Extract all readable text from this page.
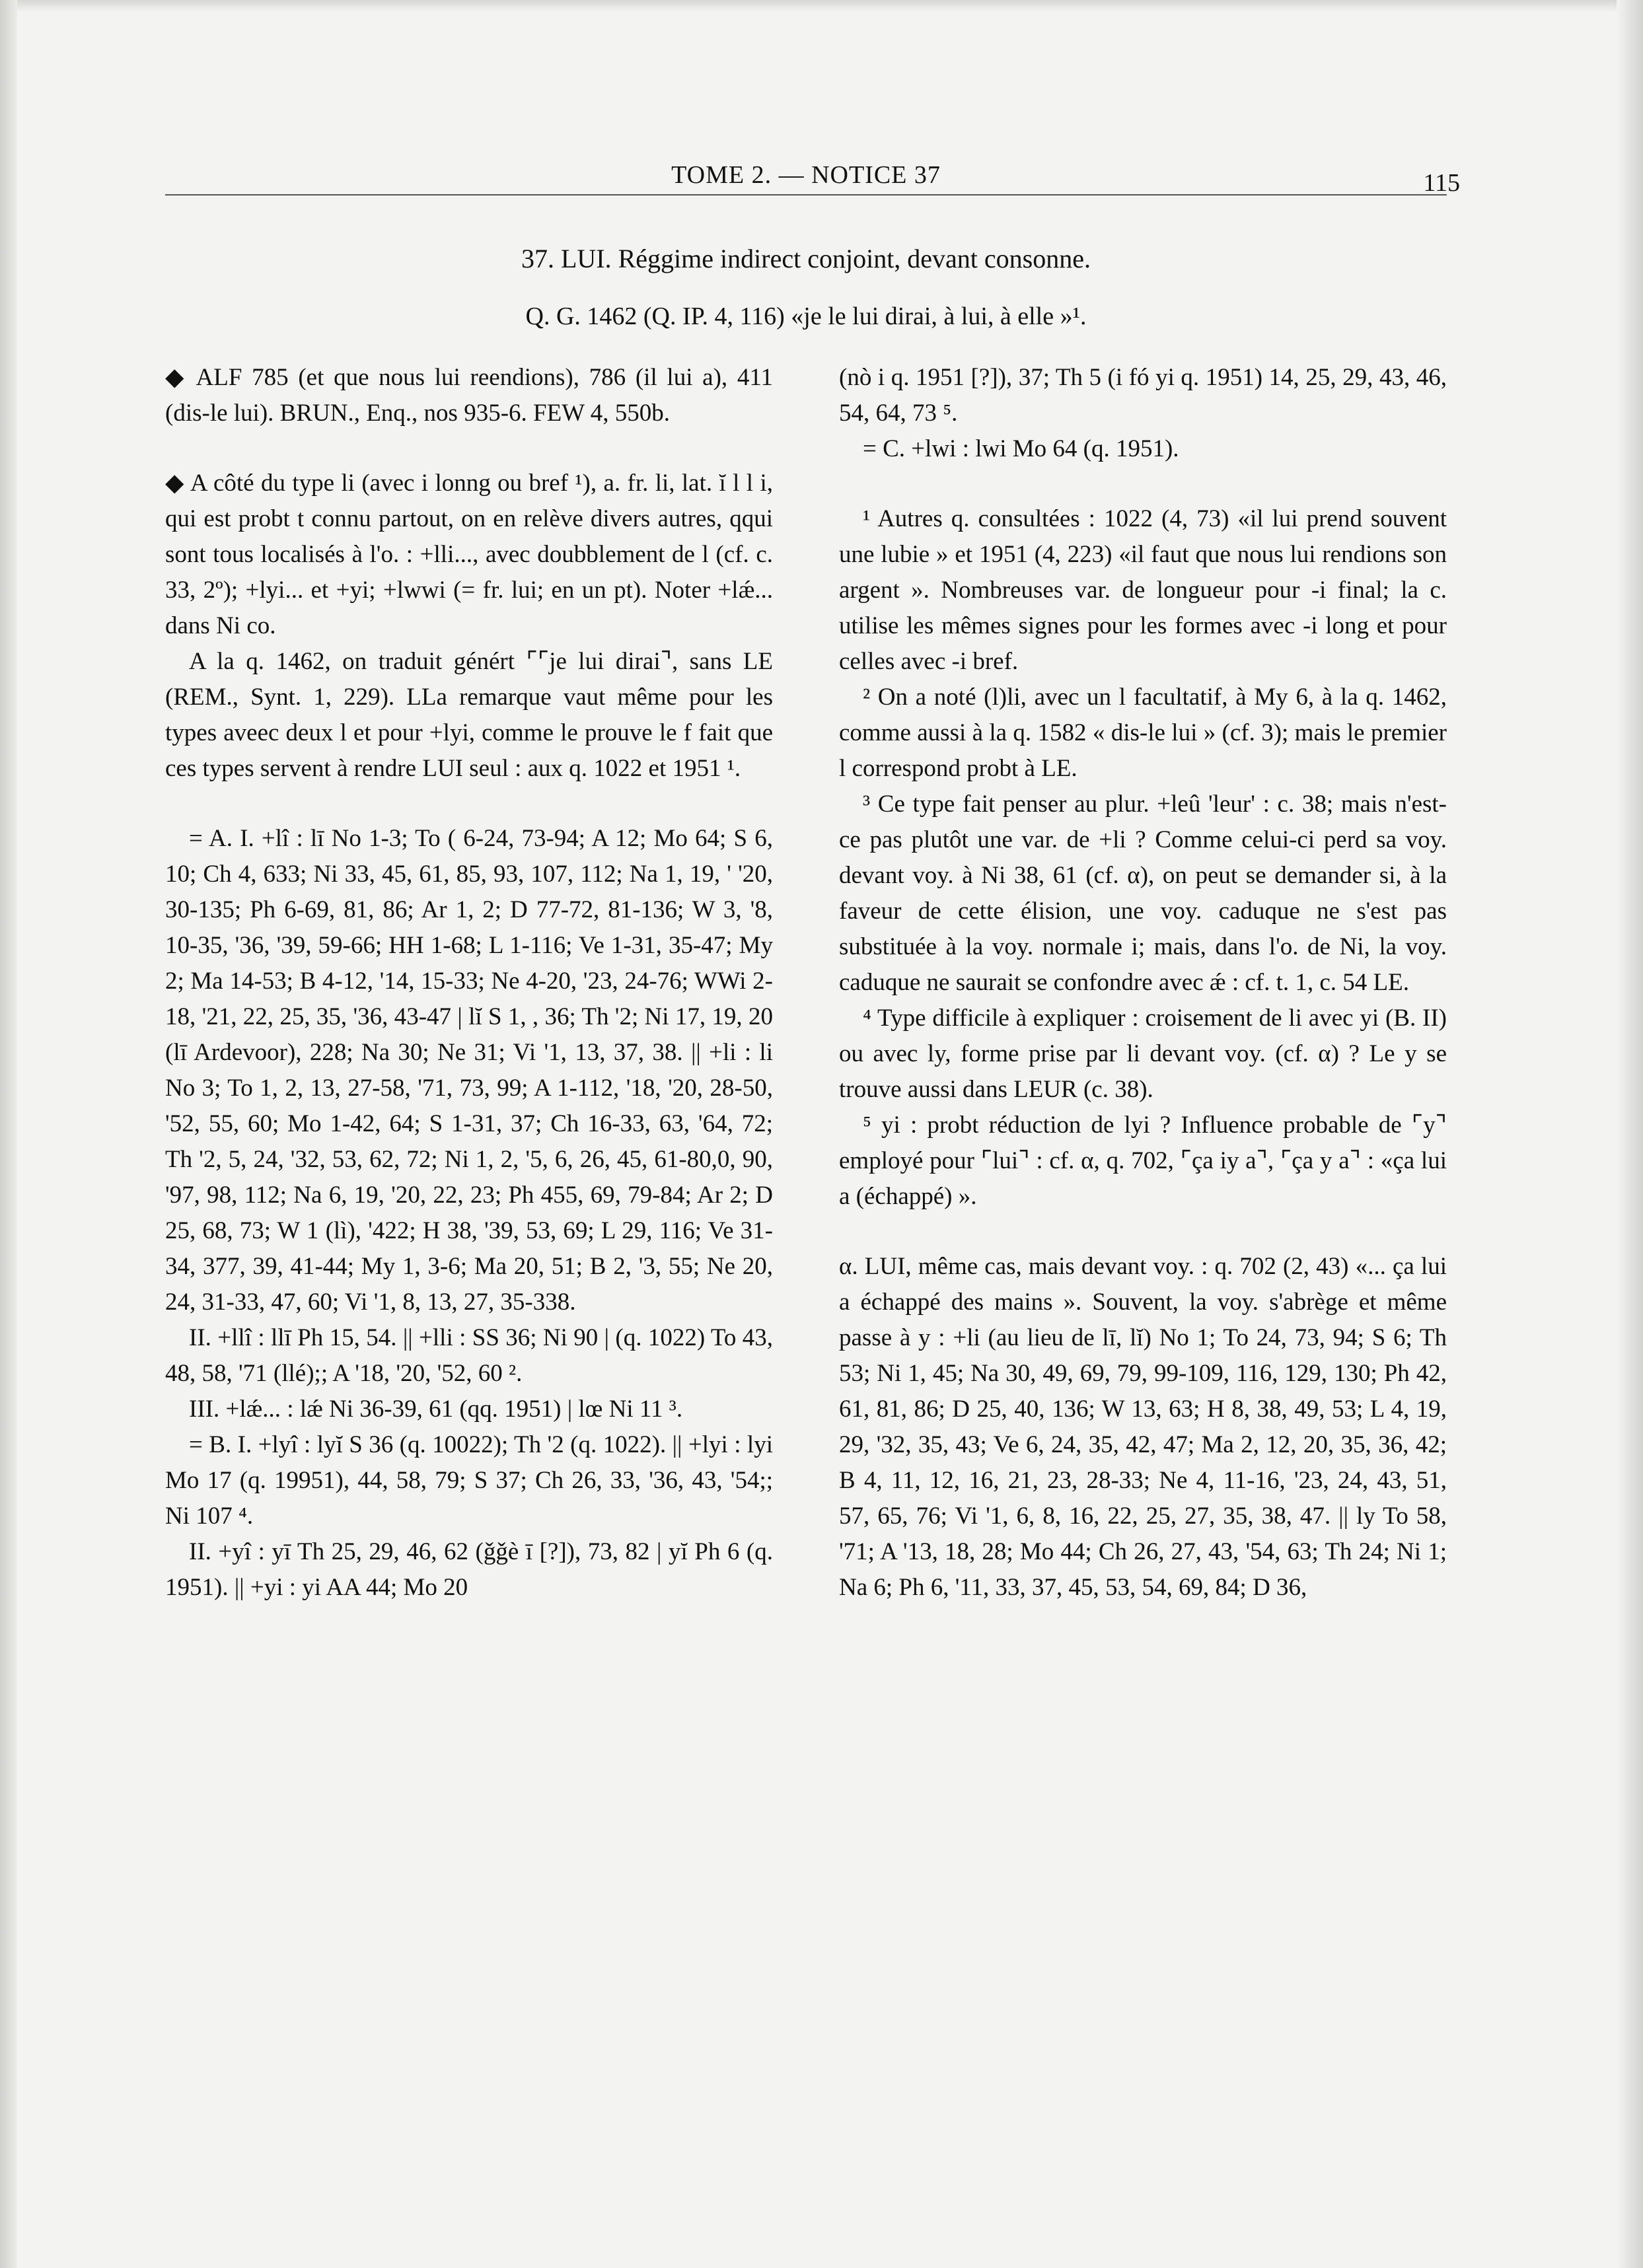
TOME 2. — NOTICE 37	115
37. LUI. Réggime indirect conjoint, devant consonne.
Q. G. 1462 (Q. IP. 4, 116) «je le lui dirai, à lui, à elle »¹.

◆ ALF 785 (et que nous lui reendions), 786 (il lui a), 411 (dis-le lui). BRUN., Enq., nos 935-6. FEW 4, 550b.

◆ A côté du type li (avec i lonng ou bref ¹), a. fr. li, lat. ĭ l l i, qui est probt t connu partout, on en relève divers autres, qqui sont tous localisés à l'o. : +lli..., avec doubblement de l (cf. c. 33, 2º); +lyi... et +yi; +lwwi (= fr. lui; en un pt). Noter +lǽ... dans Ni co.

A la q. 1462, on traduit génért ⌜⌜je lui dirai⌝, sans LE (REM., Synt. 1, 229). LLa remarque vaut même pour les types aveec deux l et pour +lyi, comme le prouve le f fait que ces types servent à rendre LUI seul : aux q. 1022 et 1951 ¹.

= A. I. +lî : lī No 1-3; To ( 6-24, 73-94; A 12; Mo 64; S 6, 10; Ch 4, 633; Ni 33, 45, 61, 85, 93, 107, 112; Na 1, 19, ' '20, 30-135; Ph 6-69, 81, 86; Ar 1, 2; D 77-72, 81-136; W 3, '8, 10-35, '36, '39, 59-66; HH 1-68; L 1-116; Ve 1-31, 35-47; My 2; Ma 14-53; B 4-12, '14, 15-33; Ne 4-20, '23, 24-76; WWi 2-18, '21, 22, 25, 35, '36, 43-47 | lĭ S 1, , 36; Th '2; Ni 17, 19, 20 (lī Ardevoor), 228; Na 30; Ne 31; Vi '1, 13, 37, 38. || +li : li No 3; To 1, 2, 13, 27-58, '71, 73, 99; A 1-112, '18, '20, 28-50, '52, 55, 60; Mo 1-42, 64; S 1-31, 37; Ch 16-33, 63, '64, 72; Th '2, 5, 24, '32, 53, 62, 72; Ni 1, 2, '5, 6, 26, 45, 61-80,0, 90, '97, 98, 112; Na 6, 19, '20, 22, 23; Ph 455, 69, 79-84; Ar 2; D 25, 68, 73; W 1 (lì), '422; H 38, '39, 53, 69; L 29, 116; Ve 31-34, 377, 39, 41-44; My 1, 3-6; Ma 20, 51; B 2, '3, 55; Ne 20, 24, 31-33, 47, 60; Vi '1, 8, 13, 27, 35-338.

II. +llî : llī Ph 15, 54. || +lli : SS 36; Ni 90 | (q. 1022) To 43, 48, 58, '71 (llé);; A '18, '20, '52, 60 ².

III. +lǽ... : lǽ Ni 36-39, 61 (qq. 1951) | lœ Ni 11 ³.

= B. I. +lyî : lyĭ S 36 (q. 10022); Th '2 (q. 1022). || +lyi : lyi Mo 17 (q. 19951), 44, 58, 79; S 37; Ch 26, 33, '36, 43, '54;; Ni 107 ⁴.

II. +yî : yī Th 25, 29, 46, 62 (ǧǧè ī [?]), 73, 82 | yĭ Ph 6 (q. 1951). || +yi : yi AA 44; Mo 20

(nò i q. 1951 [?]), 37; Th 5 (i fó yi q. 1951) 14, 25, 29, 43, 46, 54, 64, 73 ⁵.

= C. +lwi : lwi Mo 64 (q. 1951).

¹ Autres q. consultées : 1022 (4, 73) «il lui prend souvent une lubie » et 1951 (4, 223) «il faut que nous lui rendions son argent ». Nombreuses var. de longueur pour -i final; la c. utilise les mêmes signes pour les formes avec -i long et pour celles avec -i bref.

² On a noté (l)li, avec un l facultatif, à My 6, à la q. 1462, comme aussi à la q. 1582 « dis-le lui » (cf. 3); mais le premier l correspond probt à LE.

³ Ce type fait penser au plur. +leû 'leur' : c. 38; mais n'est-ce pas plutôt une var. de +li ? Comme celui-ci perd sa voy. devant voy. à Ni 38, 61 (cf. α), on peut se demander si, à la faveur de cette élision, une voy. caduque ne s'est pas substituée à la voy. normale i; mais, dans l'o. de Ni, la voy. caduque ne saurait se confondre avec ǽ : cf. t. 1, c. 54 LE.

⁴ Type difficile à expliquer : croisement de li avec yi (B. II) ou avec ly, forme prise par li devant voy. (cf. α) ? Le y se trouve aussi dans LEUR (c. 38).

⁵ yi : probt réduction de lyi ? Influence probable de ⌜y⌝ employé pour ⌜lui⌝ : cf. α, q. 702, ⌜ça iy a⌝, ⌜ça y a⌝ : «ça lui a (échappé) ».

α. LUI, même cas, mais devant voy. : q. 702 (2, 43) «... ça lui a échappé des mains ». Souvent, la voy. s'abrège et même passe à y : +li (au lieu de lī, lĭ) No 1; To 24, 73, 94; S 6; Th 53; Ni 1, 45; Na 30, 49, 69, 79, 99-109, 116, 129, 130; Ph 42, 61, 81, 86; D 25, 40, 136; W 13, 63; H 8, 38, 49, 53; L 4, 19, 29, '32, 35, 43; Ve 6, 24, 35, 42, 47; Ma 2, 12, 20, 35, 36, 42; B 4, 11, 12, 16, 21, 23, 28-33; Ne 4, 11-16, '23, 24, 43, 51, 57, 65, 76; Vi '1, 6, 8, 16, 22, 25, 27, 35, 38, 47. || ly To 58, '71; A '13, 18, 28; Mo 44; Ch 26, 27, 43, '54, 63; Th 24; Ni 1; Na 6; Ph 6, '11, 33, 37, 45, 53, 54, 69, 84; D 36,
